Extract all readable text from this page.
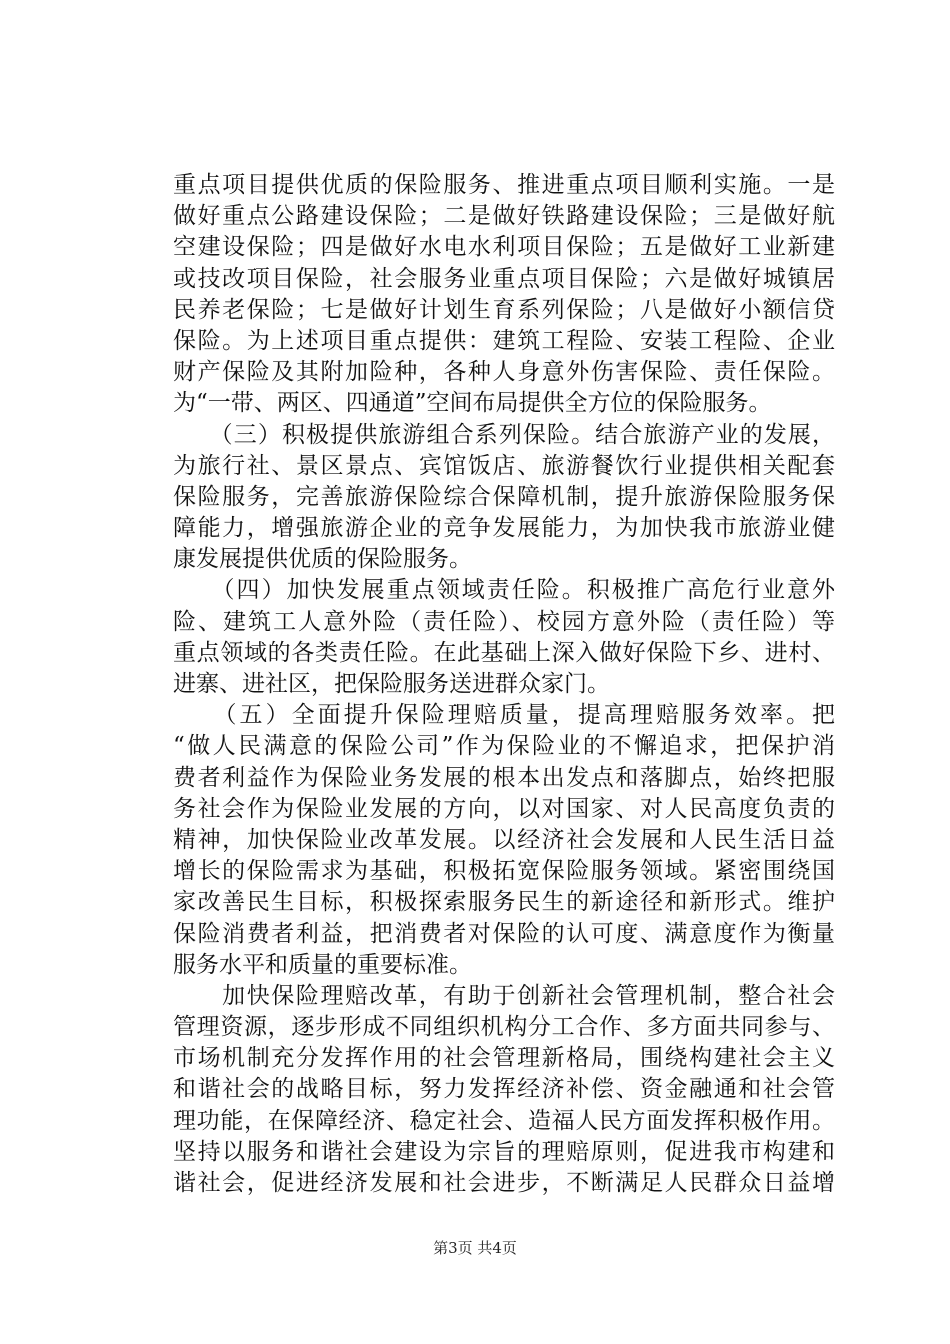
重点项目提供优质的保险服务、推进重点项目顺利实施。一是
做好重点公路建设保险；二是做好铁路建设保险；三是做好航
空建设保险；四是做好水电水利项目保险；五是做好工业新建
或技改项目保险，社会服务业重点项目保险；六是做好城镇居
民养老保险；七是做好计划生育系列保险；八是做好小额信贷
保险。为上述项目重点提供：建筑工程险、安装工程险、企业
财产保险及其附加险种，各种人身意外伤害保险、责任保险。
为“一带、两区、四通道”空间布局提供全方位的保险服务。
　　（三）积极提供旅游组合系列保险。结合旅游产业的发展，
为旅行社、景区景点、宾馆饭店、旅游餐饮行业提供相关配套
保险服务，完善旅游保险综合保障机制，提升旅游保险服务保
障能力，增强旅游企业的竞争发展能力，为加快我市旅游业健
康发展提供优质的保险服务。
　　（四）加快发展重点领域责任险。积极推广高危行业意外
险、建筑工人意外险（责任险）、校园方意外险（责任险）等
重点领域的各类责任险。在此基础上深入做好保险下乡、进村、
进寨、进社区，把保险服务送进群众家门。
　　（五）全面提升保险理赔质量，提高理赔服务效率。把
“做人民满意的保险公司”作为保险业的不懈追求，把保护消
费者利益作为保险业务发展的根本出发点和落脚点，始终把服
务社会作为保险业发展的方向，以对国家、对人民高度负责的
精神，加快保险业改革发展。以经济社会发展和人民生活日益
增长的保险需求为基础，积极拓宽保险服务领域。紧密围绕国
家改善民生目标，积极探索服务民生的新途径和新形式。维护
保险消费者利益，把消费者对保险的认可度、满意度作为衡量
服务水平和质量的重要标准。
　　加快保险理赔改革，有助于创新社会管理机制，整合社会
管理资源，逐步形成不同组织机构分工合作、多方面共同参与、
市场机制充分发挥作用的社会管理新格局，围绕构建社会主义
和谐社会的战略目标，努力发挥经济补偿、资金融通和社会管
理功能，在保障经济、稳定社会、造福人民方面发挥积极作用。
坚持以服务和谐社会建设为宗旨的理赔原则，促进我市构建和
谐社会，促进经济发展和社会进步，不断满足人民群众日益增
第3页 共4页
